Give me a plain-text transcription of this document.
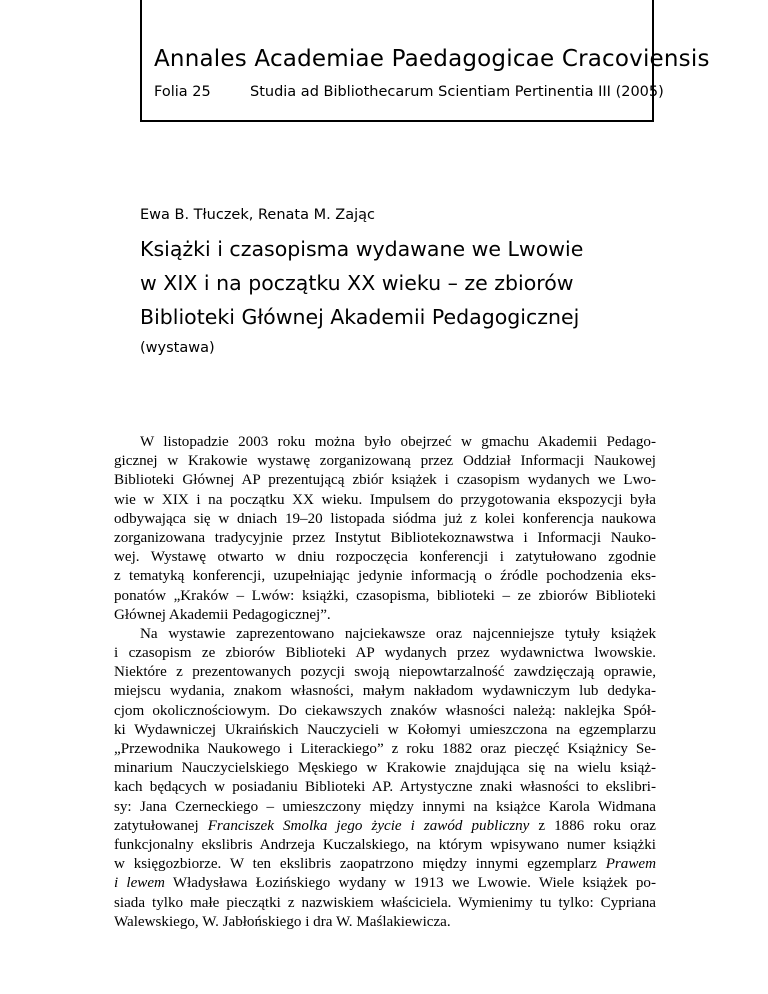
Annales Academiae Paedagogicae Cracoviensis
Folia 25	Studia ad Bibliothecarum Scientiam Pertinentia III (2005)
Ewa B. Tłuczek, Renata M. Zając
Książki i czasopisma wydawane we Lwowie
w XIX i na początku XX wieku – ze zbiorów
Biblioteki Głównej Akademii Pedagogicznej
(wystawa)
W listopadzie 2003 roku można było obejrzeć w gmachu Akademii Pedago-
gicznej w Krakowie wystawę zorganizowaną przez Oddział Informacji Naukowej
Biblioteki Głównej AP prezentującą zbiór książek i czasopism wydanych we Lwo-
wie w XIX i na początku XX wieku. Impulsem do przygotowania ekspozycji była
odbywająca się w dniach 19–20 listopada siódma już z kolei konferencja naukowa
zorganizowana tradycyjnie przez Instytut Bibliotekoznawstwa i Informacji Nauko-
wej. Wystawę otwarto w dniu rozpoczęcia konferencji i zatytułowano zgodnie
z tematyką konferencji, uzupełniając jedynie informacją o źródle pochodzenia eks-
ponatów „Kraków – Lwów: książki, czasopisma, biblioteki – ze zbiorów Biblioteki
Głównej Akademii Pedagogicznej”.
Na wystawie zaprezentowano najciekawsze oraz najcenniejsze tytuły książek
i czasopism ze zbiorów Biblioteki AP wydanych przez wydawnictwa lwowskie.
Niektóre z prezentowanych pozycji swoją niepowtarzalność zawdzięczają oprawie,
miejscu wydania, znakom własności, małym nakładom wydawniczym lub dedyka-
cjom okolicznościowym. Do ciekawszych znaków własności należą: naklejka Spół-
ki Wydawniczej Ukraińskich Nauczycieli w Kołomyi umieszczona na egzemplarzu
„Przewodnika Naukowego i Literackiego” z roku 1882 oraz pieczęć Książnicy Se-
minarium Nauczycielskiego Męskiego w Krakowie znajdująca się na wielu książ-
kach będących w posiadaniu Biblioteki AP. Artystyczne znaki własności to ekslibri-
sy: Jana Czerneckiego – umieszczony między innymi na książce Karola Widmana
zatytułowanej Franciszek Smolka jego życie i zawód publiczny z 1886 roku oraz
funkcjonalny ekslibris Andrzeja Kuczalskiego, na którym wpisywano numer książki
w księgozbiorze. W ten ekslibris zaopatrzono między innymi egzemplarz Prawem
i lewem Władysława Łozińskiego wydany w 1913 we Lwowie. Wiele książek po-
siada tylko małe pieczątki z nazwiskiem właściciela. Wymienimy tu tylko: Cypriana
Walewskiego, W. Jabłońskiego i dra W. Maślakiewicza.
